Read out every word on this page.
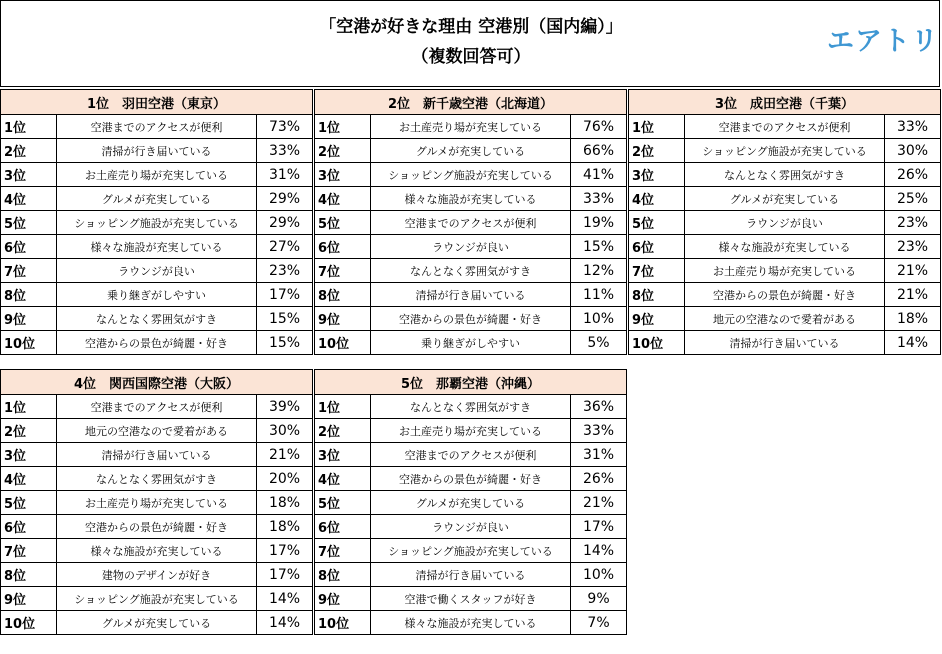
「空港が好きな理由 空港別（国内編）」
（複数回答可）	エアトリ
1位　羽田空港（東京）		
1位	空港までのアクセスが便利	73%
2位	清掃が行き届いている	33%
3位	お土産売り場が充実している	31%
4位	グルメが充実している	29%
5位	ショッピング施設が充実している	29%
6位	様々な施設が充実している	27%
7位	ラウンジが良い	23%
8位	乗り継ぎがしやすい	17%
9位	なんとなく雰囲気がすき	15%
10位	空港からの景色が綺麗・好き	15%
2位　新千歳空港（北海道）		
1位	お土産売り場が充実している	76%
2位	グルメが充実している	66%
3位	ショッピング施設が充実している	41%
4位	様々な施設が充実している	33%
5位	空港までのアクセスが便利	19%
6位	ラウンジが良い	15%
7位	なんとなく雰囲気がすき	12%
8位	清掃が行き届いている	11%
9位	空港からの景色が綺麗・好き	10%
10位	乗り継ぎがしやすい	5%
3位　成田空港（千葉）		
1位	空港までのアクセスが便利	33%
2位	ショッピング施設が充実している	30%
3位	なんとなく雰囲気がすき	26%
4位	グルメが充実している	25%
5位	ラウンジが良い	23%
6位	様々な施設が充実している	23%
7位	お土産売り場が充実している	21%
8位	空港からの景色が綺麗・好き	21%
9位	地元の空港なので愛着がある	18%
10位	清掃が行き届いている	14%
4位　関西国際空港（大阪）		
1位	空港までのアクセスが便利	39%
2位	地元の空港なので愛着がある	30%
3位	清掃が行き届いている	21%
4位	なんとなく雰囲気がすき	20%
5位	お土産売り場が充実している	18%
6位	空港からの景色が綺麗・好き	18%
7位	様々な施設が充実している	17%
8位	建物のデザインが好き	17%
9位	ショッピング施設が充実している	14%
10位	グルメが充実している	14%
5位　那覇空港（沖縄）		
1位	なんとなく雰囲気がすき	36%
2位	お土産売り場が充実している	33%
3位	空港までのアクセスが便利	31%
4位	空港からの景色が綺麗・好き	26%
5位	グルメが充実している	21%
6位	ラウンジが良い	17%
7位	ショッピング施設が充実している	14%
8位	清掃が行き届いている	10%
9位	空港で働くスタッフが好き	9%
10位	様々な施設が充実している	7%
